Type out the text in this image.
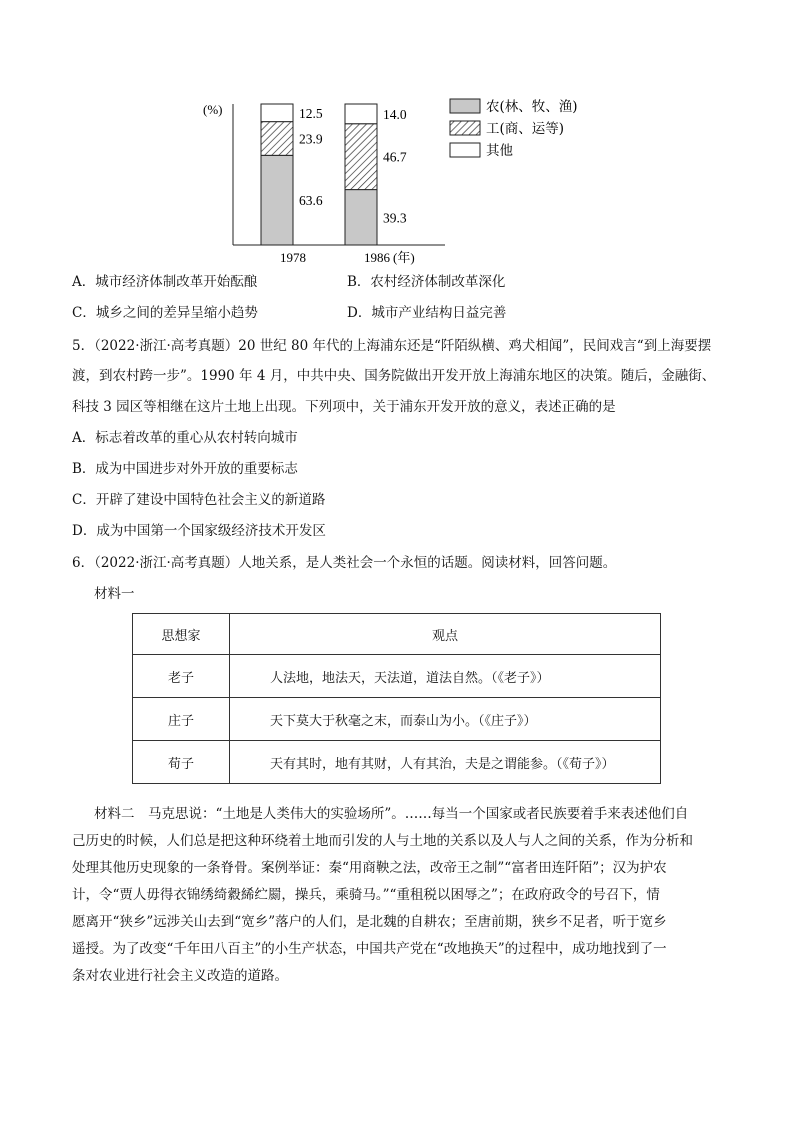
(%)
63.6
23.9
12.5
39.3
46.7
14.0
1978	1986 (年)
农(林、牧、渔)
工(商、运等)
其他
A．城市经济体制改革开始酝酿	B．农村经济体制改革深化
C．城乡之间的差异呈缩小趋势	D．城市产业结构日益完善
5．（2022·浙江·高考真题）20 世纪 80 年代的上海浦东还是“阡陌纵横、鸡犬相闻”，民间戏言“到上海要摆
渡，到农村跨一步”。1990 年 4 月，中共中央、国务院做出开发开放上海浦东地区的决策。随后，金融街、
科技 3 园区等相继在这片土地上出现。下列项中，关于浦东开发开放的意义，表述正确的是
A．标志着改革的重心从农村转向城市
B．成为中国进步对外开放的重要标志
C．开辟了建设中国特色社会主义的新道路
D．成为中国第一个国家级经济技术开发区
6．（2022·浙江·高考真题）人地关系，是人类社会一个永恒的话题。阅读材料，回答问题。
材料一
思想家	观点
老子	人法地，地法天，天法道，道法自然。（《老子》）
庄子	天下莫大于秋毫之末，而泰山为小。（《庄子》）
荀子	天有其时，地有其财，人有其治，夫是之谓能参。（《荀子》）
材料二　马克思说：“土地是人类伟大的实验场所”。……每当一个国家或者民族要着手来表述他们自
己历史的时候，人们总是把这种环绕着土地而引发的人与土地的关系以及人与人之间的关系，作为分析和
处理其他历史现象的一条脊骨。案例举证：秦“用商鞅之法，改帝王之制”“富者田连阡陌”；汉为护农
计，令“贾人毋得衣锦绣绮縠絺纻罽，操兵，乘骑马。”“重租税以困辱之”；在政府政令的号召下，情
愿离开“狭乡”远涉关山去到“宽乡”落户的人们，是北魏的自耕农；至唐前期，狭乡不足者，听于宽乡
遥授。为了改变“千年田八百主”的小生产状态，中国共产党在“改地换天”的过程中，成功地找到了一
条对农业进行社会主义改造的道路。
